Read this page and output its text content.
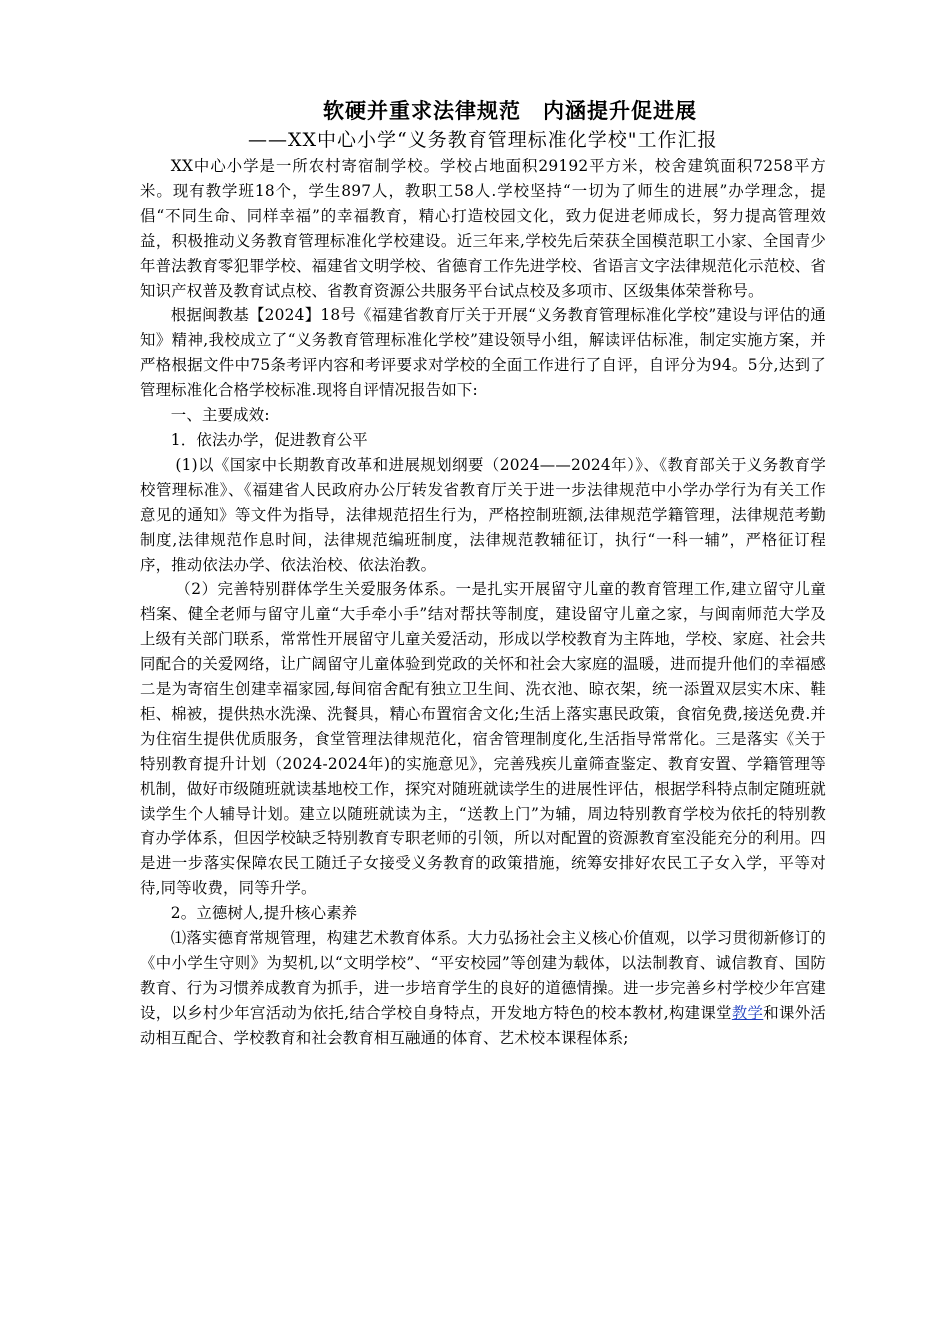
软硬并重求法律规范　内涵提升促进展

——XX中心小学“义务教育管理标准化学校"工作汇报

XX中心小学是一所农村寄宿制学校。学校占地面积29192平方米，校舍建筑面积7258平方米。现有教学班18个，学生897人，教职工58人.学校坚持“一切为了师生的进展”办学理念，提倡“不同生命、同样幸福”的幸福教育，精心打造校园文化，致力促进老师成长，努力提高管理效益，积极推动义务教育管理标准化学校建设。近三年来,学校先后荣获全国模范职工小家、全国青少年普法教育零犯罪学校、福建省文明学校、省德育工作先进学校、省语言文字法律规范化示范校、省知识产权普及教育试点校、省教育资源公共服务平台试点校及多项市、区级集体荣誉称号。

根据闽教基【2024】18号《福建省教育厅关于开展“义务教育管理标准化学校”建设与评估的通知》精神,我校成立了“义务教育管理标准化学校”建设领导小组，解读评估标准，制定实施方案，并严格根据文件中75条考评内容和考评要求对学校的全面工作进行了自评，自评分为94。5分,达到了管理标准化合格学校标准.现将自评情况报告如下:

一、主要成效:

1．依法办学，促进教育公平

(1)以《国家中长期教育改革和进展规划纲要（2024——2024年）》、《教育部关于义务教育学校管理标准》、《福建省人民政府办公厅转发省教育厅关于进一步法律规范中小学办学行为有关工作意见的通知》等文件为指导，法律规范招生行为，严格控制班额,法律规范学籍管理，法律规范考勤制度,法律规范作息时间，法律规范编班制度，法律规范教辅征订，执行“一科一辅”，严格征订程序，推动依法办学、依法治校、依法治教。

（2）完善特别群体学生关爱服务体系。一是扎实开展留守儿童的教育管理工作,建立留守儿童档案、健全老师与留守儿童“大手牵小手”结对帮扶等制度，建设留守儿童之家，与闽南师范大学及上级有关部门联系，常常性开展留守儿童关爱活动，形成以学校教育为主阵地，学校、家庭、社会共同配合的关爱网络，让广阔留守儿童体验到党政的关怀和社会大家庭的温暖，进而提升他们的幸福感二是为寄宿生创建幸福家园,每间宿舍配有独立卫生间、洗衣池、晾衣架，统一添置双层实木床、鞋柜、棉被，提供热水洗澡、洗餐具，精心布置宿舍文化;生活上落实惠民政策，食宿免费,接送免费.并为住宿生提供优质服务，食堂管理法律规范化，宿舍管理制度化,生活指导常常化。三是落实《关于特别教育提升计划（2024-2024年)的实施意见》，完善残疾儿童筛查鉴定、教育安置、学籍管理等机制，做好市级随班就读基地校工作，探究对随班就读学生的进展性评估，根据学科特点制定随班就读学生个人辅导计划。建立以随班就读为主，“送教上门”为辅，周边特别教育学校为依托的特别教育办学体系，但因学校缺乏特别教育专职老师的引领，所以对配置的资源教育室没能充分的利用。四是进一步落实保障农民工随迁子女接受义务教育的政策措施，统筹安排好农民工子女入学，平等对待,同等收费，同等升学。

2。立德树人,提升核心素养

⑴落实德育常规管理，构建艺术教育体系。大力弘扬社会主义核心价值观，以学习贯彻新修订的《中小学生守则》为契机,以“文明学校”、“平安校园”等创建为载体，以法制教育、诚信教育、国防教育、行为习惯养成教育为抓手，进一步培育学生的良好的道德情操。进一步完善乡村学校少年宫建设，以乡村少年宫活动为依托,结合学校自身特点，开发地方特色的校本教材,构建课堂教学和课外活动相互配合、学校教育和社会教育相互融通的体育、艺术校本课程体系;
